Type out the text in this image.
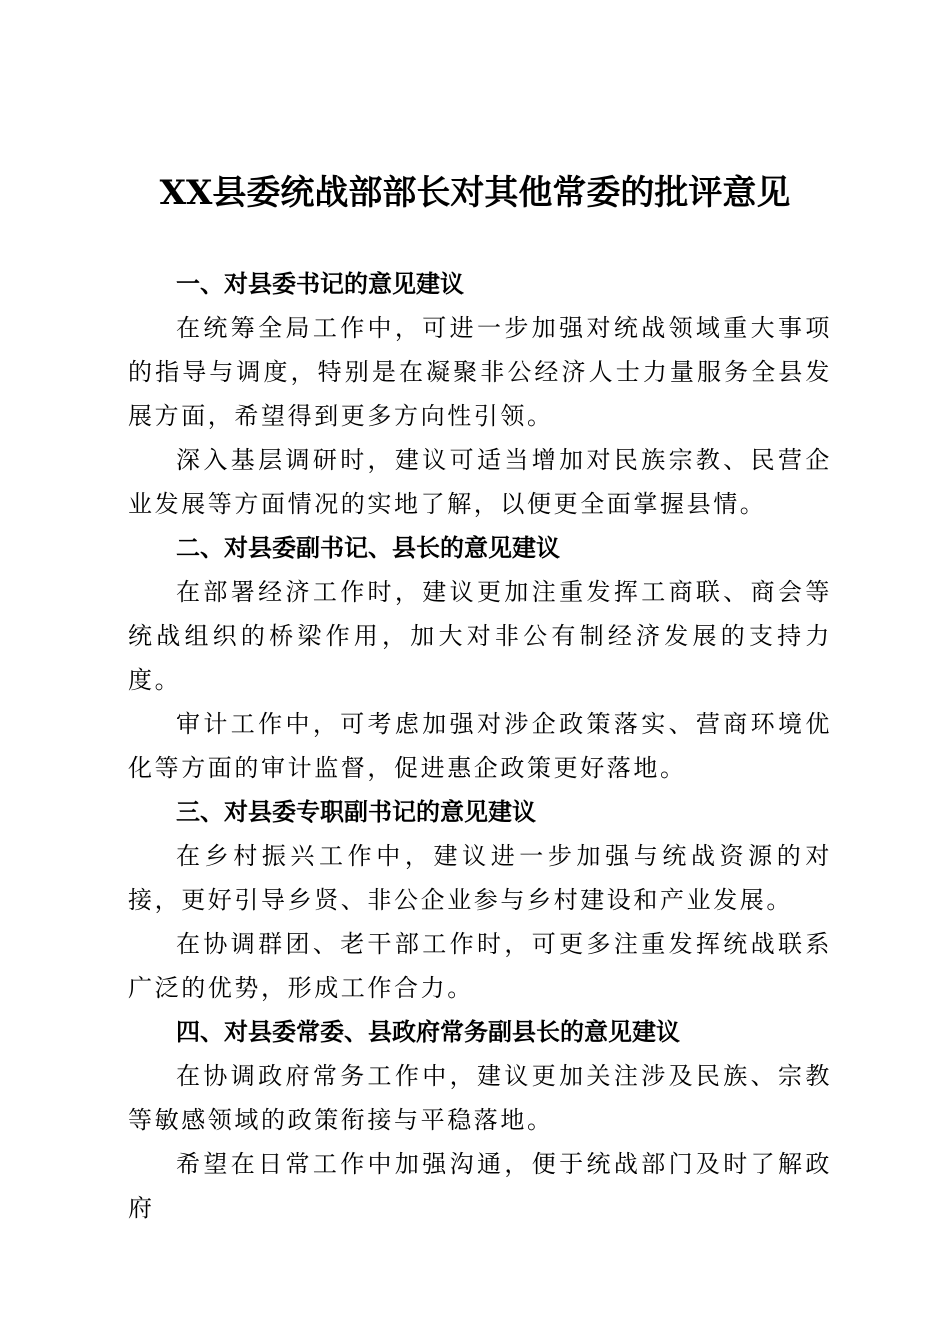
XX县委统战部部长对其他常委的批评意见

一、对县委书记的意见建议

在统筹全局工作中，可进一步加强对统战领域重大事项的指导与调度，特别是在凝聚非公经济人士力量服务全县发展方面，希望得到更多方向性引领。

深入基层调研时，建议可适当增加对民族宗教、民营企业发展等方面情况的实地了解，以便更全面掌握县情。

二、对县委副书记、县长的意见建议

在部署经济工作时，建议更加注重发挥工商联、商会等统战组织的桥梁作用，加大对非公有制经济发展的支持力度。

审计工作中，可考虑加强对涉企政策落实、营商环境优化等方面的审计监督，促进惠企政策更好落地。

三、对县委专职副书记的意见建议

在乡村振兴工作中，建议进一步加强与统战资源的对接，更好引导乡贤、非公企业参与乡村建设和产业发展。

在协调群团、老干部工作时，可更多注重发挥统战联系广泛的优势，形成工作合力。

四、对县委常委、县政府常务副县长的意见建议

在协调政府常务工作中，建议更加关注涉及民族、宗教等敏感领域的政策衔接与平稳落地。

希望在日常工作中加强沟通，便于统战部门及时了解政府
